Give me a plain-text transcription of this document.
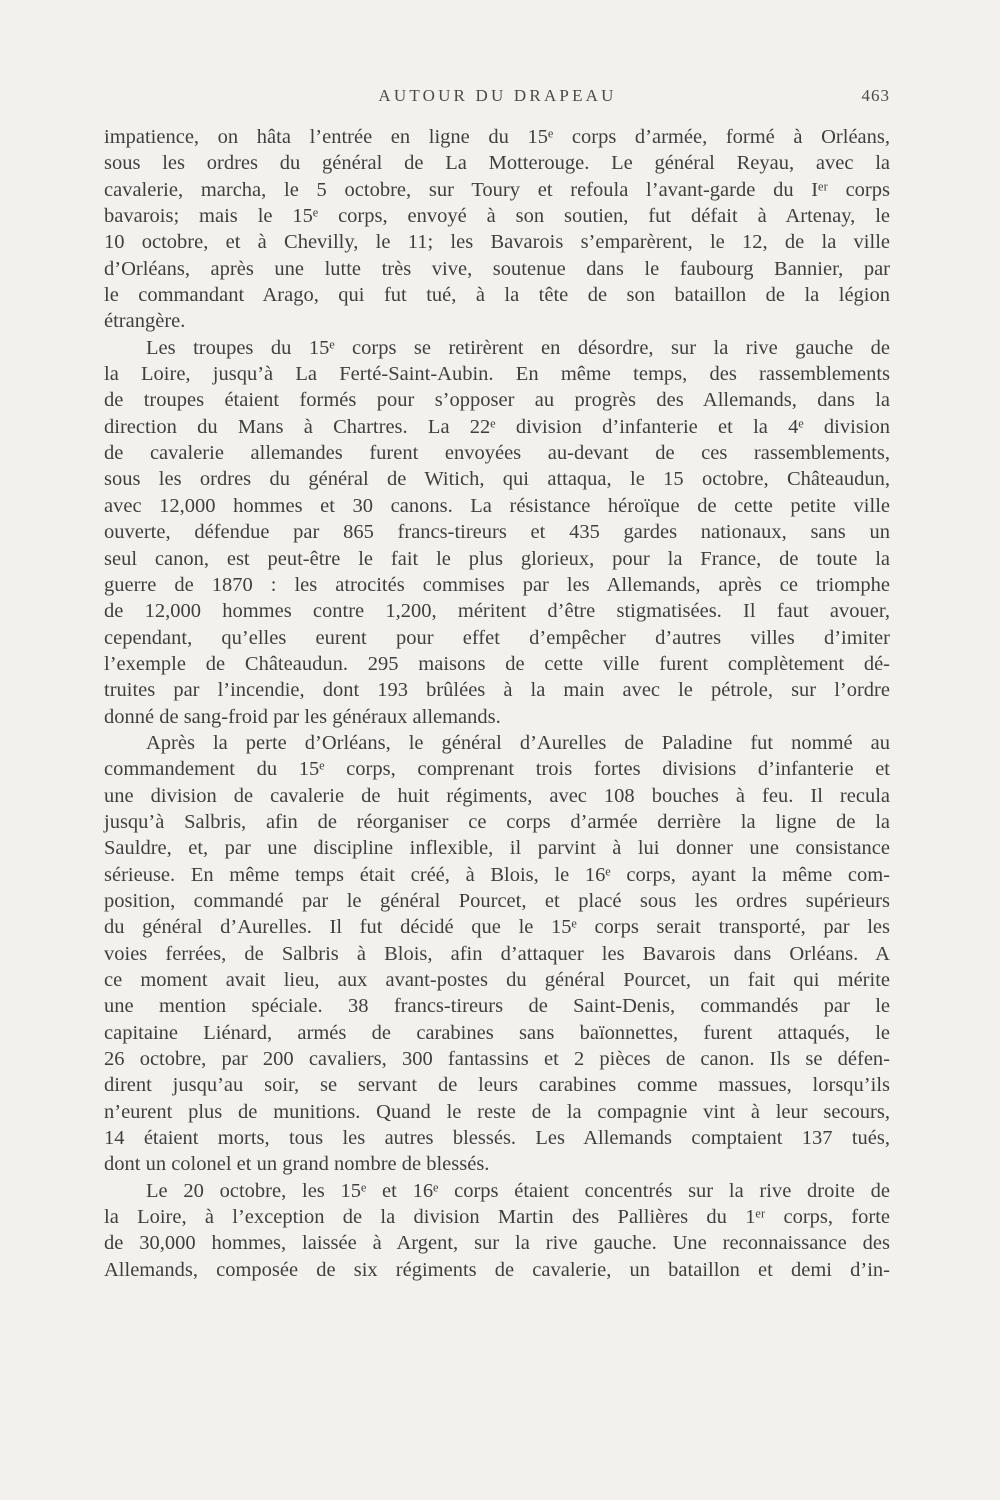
AUTOUR DU DRAPEAU	463

impatience, on hâta l’entrée en ligne du 15ᵉ corps d’armée, formé à Orléans,
sous les ordres du général de La Motterouge. Le général Reyau, avec la
cavalerie, marcha, le 5 octobre, sur Toury et refoula l’avant-garde du Iᵉʳ corps
bavarois; mais le 15ᵉ corps, envoyé à son soutien, fut défait à Artenay, le
10 octobre, et à Chevilly, le 11; les Bavarois s’emparèrent, le 12, de la ville
d’Orléans, après une lutte très vive, soutenue dans le faubourg Bannier, par
le commandant Arago, qui fut tué, à la tête de son bataillon de la légion
étrangère.

Les troupes du 15ᵉ corps se retirèrent en désordre, sur la rive gauche de
la Loire, jusqu’à La Ferté-Saint-Aubin. En même temps, des rassemblements
de troupes étaient formés pour s’opposer au progrès des Allemands, dans la
direction du Mans à Chartres. La 22ᵉ division d’infanterie et la 4ᵉ division
de cavalerie allemandes furent envoyées au-devant de ces rassemblements,
sous les ordres du général de Witich, qui attaqua, le 15 octobre, Châteaudun,
avec 12,000 hommes et 30 canons. La résistance héroïque de cette petite ville
ouverte, défendue par 865 francs-tireurs et 435 gardes nationaux, sans un
seul canon, est peut-être le fait le plus glorieux, pour la France, de toute la
guerre de 1870 : les atrocités commises par les Allemands, après ce triomphe
de 12,000 hommes contre 1,200, méritent d’être stigmatisées. Il faut avouer,
cependant, qu’elles eurent pour effet d’empêcher d’autres villes d’imiter
l’exemple de Châteaudun. 295 maisons de cette ville furent complètement dé-
truites par l’incendie, dont 193 brûlées à la main avec le pétrole, sur l’ordre
donné de sang-froid par les généraux allemands.

Après la perte d’Orléans, le général d’Aurelles de Paladine fut nommé au
commandement du 15ᵉ corps, comprenant trois fortes divisions d’infanterie et
une division de cavalerie de huit régiments, avec 108 bouches à feu. Il recula
jusqu’à Salbris, afin de réorganiser ce corps d’armée derrière la ligne de la
Sauldre, et, par une discipline inflexible, il parvint à lui donner une consistance
sérieuse. En même temps était créé, à Blois, le 16ᵉ corps, ayant la même com-
position, commandé par le général Pourcet, et placé sous les ordres supérieurs
du général d’Aurelles. Il fut décidé que le 15ᵉ corps serait transporté, par les
voies ferrées, de Salbris à Blois, afin d’attaquer les Bavarois dans Orléans. A
ce moment avait lieu, aux avant-postes du général Pourcet, un fait qui mérite
une mention spéciale. 38 francs-tireurs de Saint-Denis, commandés par le
capitaine Liénard, armés de carabines sans baïonnettes, furent attaqués, le
26 octobre, par 200 cavaliers, 300 fantassins et 2 pièces de canon. Ils se défen-
dirent jusqu’au soir, se servant de leurs carabines comme massues, lorsqu’ils
n’eurent plus de munitions. Quand le reste de la compagnie vint à leur secours,
14 étaient morts, tous les autres blessés. Les Allemands comptaient 137 tués,
dont un colonel et un grand nombre de blessés.

Le 20 octobre, les 15ᵉ et 16ᵉ corps étaient concentrés sur la rive droite de
la Loire, à l’exception de la division Martin des Pallières du 1ᵉʳ corps, forte
de 30,000 hommes, laissée à Argent, sur la rive gauche. Une reconnaissance des
Allemands, composée de six régiments de cavalerie, un bataillon et demi d’in-
